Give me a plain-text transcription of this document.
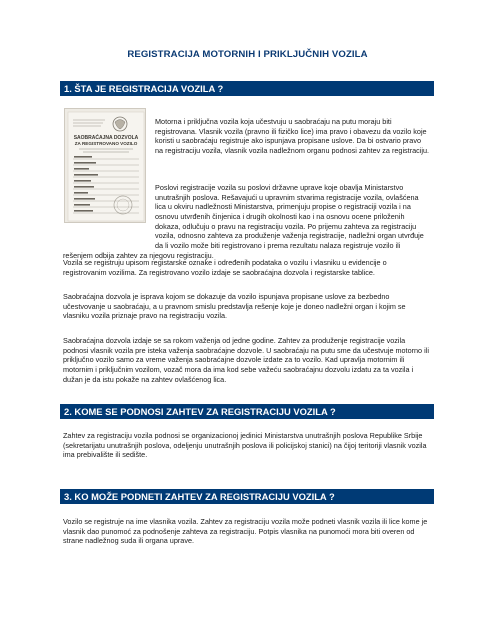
REGISTRACIJA MOTORNIH I PRIKLJUČNIH VOZILA
1. ŠTA JE REGISTRACIJA VOZILA ?
SAOBRAĆAJNA DOZVOLA
ZA REGISTROVANO VOZILO

Motorna i priključna vozila koja učestvuju u saobraćaju na putu moraju biti registrovana. Vlasnik vozila (pravno ili fizičko lice) ima pravo i obavezu da vozilo koje koristi u saobraćaju registruje ako ispunjava propisane uslove. Da bi ostvario pravo na registraciju vozila, vlasnik vozila nadležnom organu podnosi zahtev za registraciju.

Poslovi registracije vozila su poslovi državne uprave koje obavlja Ministarstvo unutrašnjih poslova. Rešavajući u upravnim stvarima registracije vozila, ovlašćena lica u okviru nadležnosti Ministarstva, primenjuju propise o registraciji vozila i na osnovu utvrđenih činjenica i drugih okolnosti kao i na osnovu ocene priloženih dokaza, odlučuju o pravu na registraciju vozila. Po prijemu zahteva za registraciju vozila, odnosno zahteva za produženje važenja registracije, nadležni organ utvrđuje da li vozilo može biti registrovano i prema rezultatu nalaza registruje vozilo ili rešenjem odbija zahtev za njegovu registraciju.

Vozila se registruju upisom registarske oznake i određenih podataka o vozilu i vlasniku u evidencije o registrovanim vozilima. Za registrovano vozilo izdaje se saobraćajna dozvola i registarske tablice.

Saobraćajna dozvola je isprava kojom se dokazuje da vozilo ispunjava propisane uslove za bezbedno učestvovanje u saobraćaju, a u pravnom smislu predstavlja rešenje koje je doneo nadležni organ i kojim se vlasniku vozila priznaje pravo na registraciju vozila.

Saobraćajna dozvola izdaje se sa rokom važenja od jedne godine. Zahtev za produženje registracije vozila podnosi vlasnik vozila pre isteka važenja saobraćajne dozvole. U saobraćaju na putu sme da učestvuje motorno ili priključno vozilo samo za vreme važenja saobraćajne dozvole izdate za to vozilo. Kad upravlja motornim ili motornim i priključnim vozilom, vozač mora da ima kod sebe važeću saobraćajnu dozvolu izdatu za ta vozila i dužan je da istu pokaže na zahtev ovlašćenog lica.

2. KOME SE PODNOSI ZAHTEV ZA REGISTRACIJU VOZILA ?

Zahtev za registraciju vozila podnosi se organizacionoj jedinici Ministarstva unutrašnjih poslova Republike Srbije (sekretarijatu unutrašnjih poslova, odeljenju unutrašnjih poslova ili policijskoj stanici) na čijoj teritoriji vlasnik vozila ima prebivalište ili sedište.

3. KO MOŽE PODNETI ZAHTEV ZA REGISTRACIJU VOZILA ?

Vozilo se registruje na ime vlasnika vozila. Zahtev za registraciju vozila može podneti vlasnik vozila ili lice kome je vlasnik dao punomoć za podnošenje zahteva za registraciju. Potpis vlasnika na punomoći mora biti overen od strane nadležnog suda ili organa uprave.
